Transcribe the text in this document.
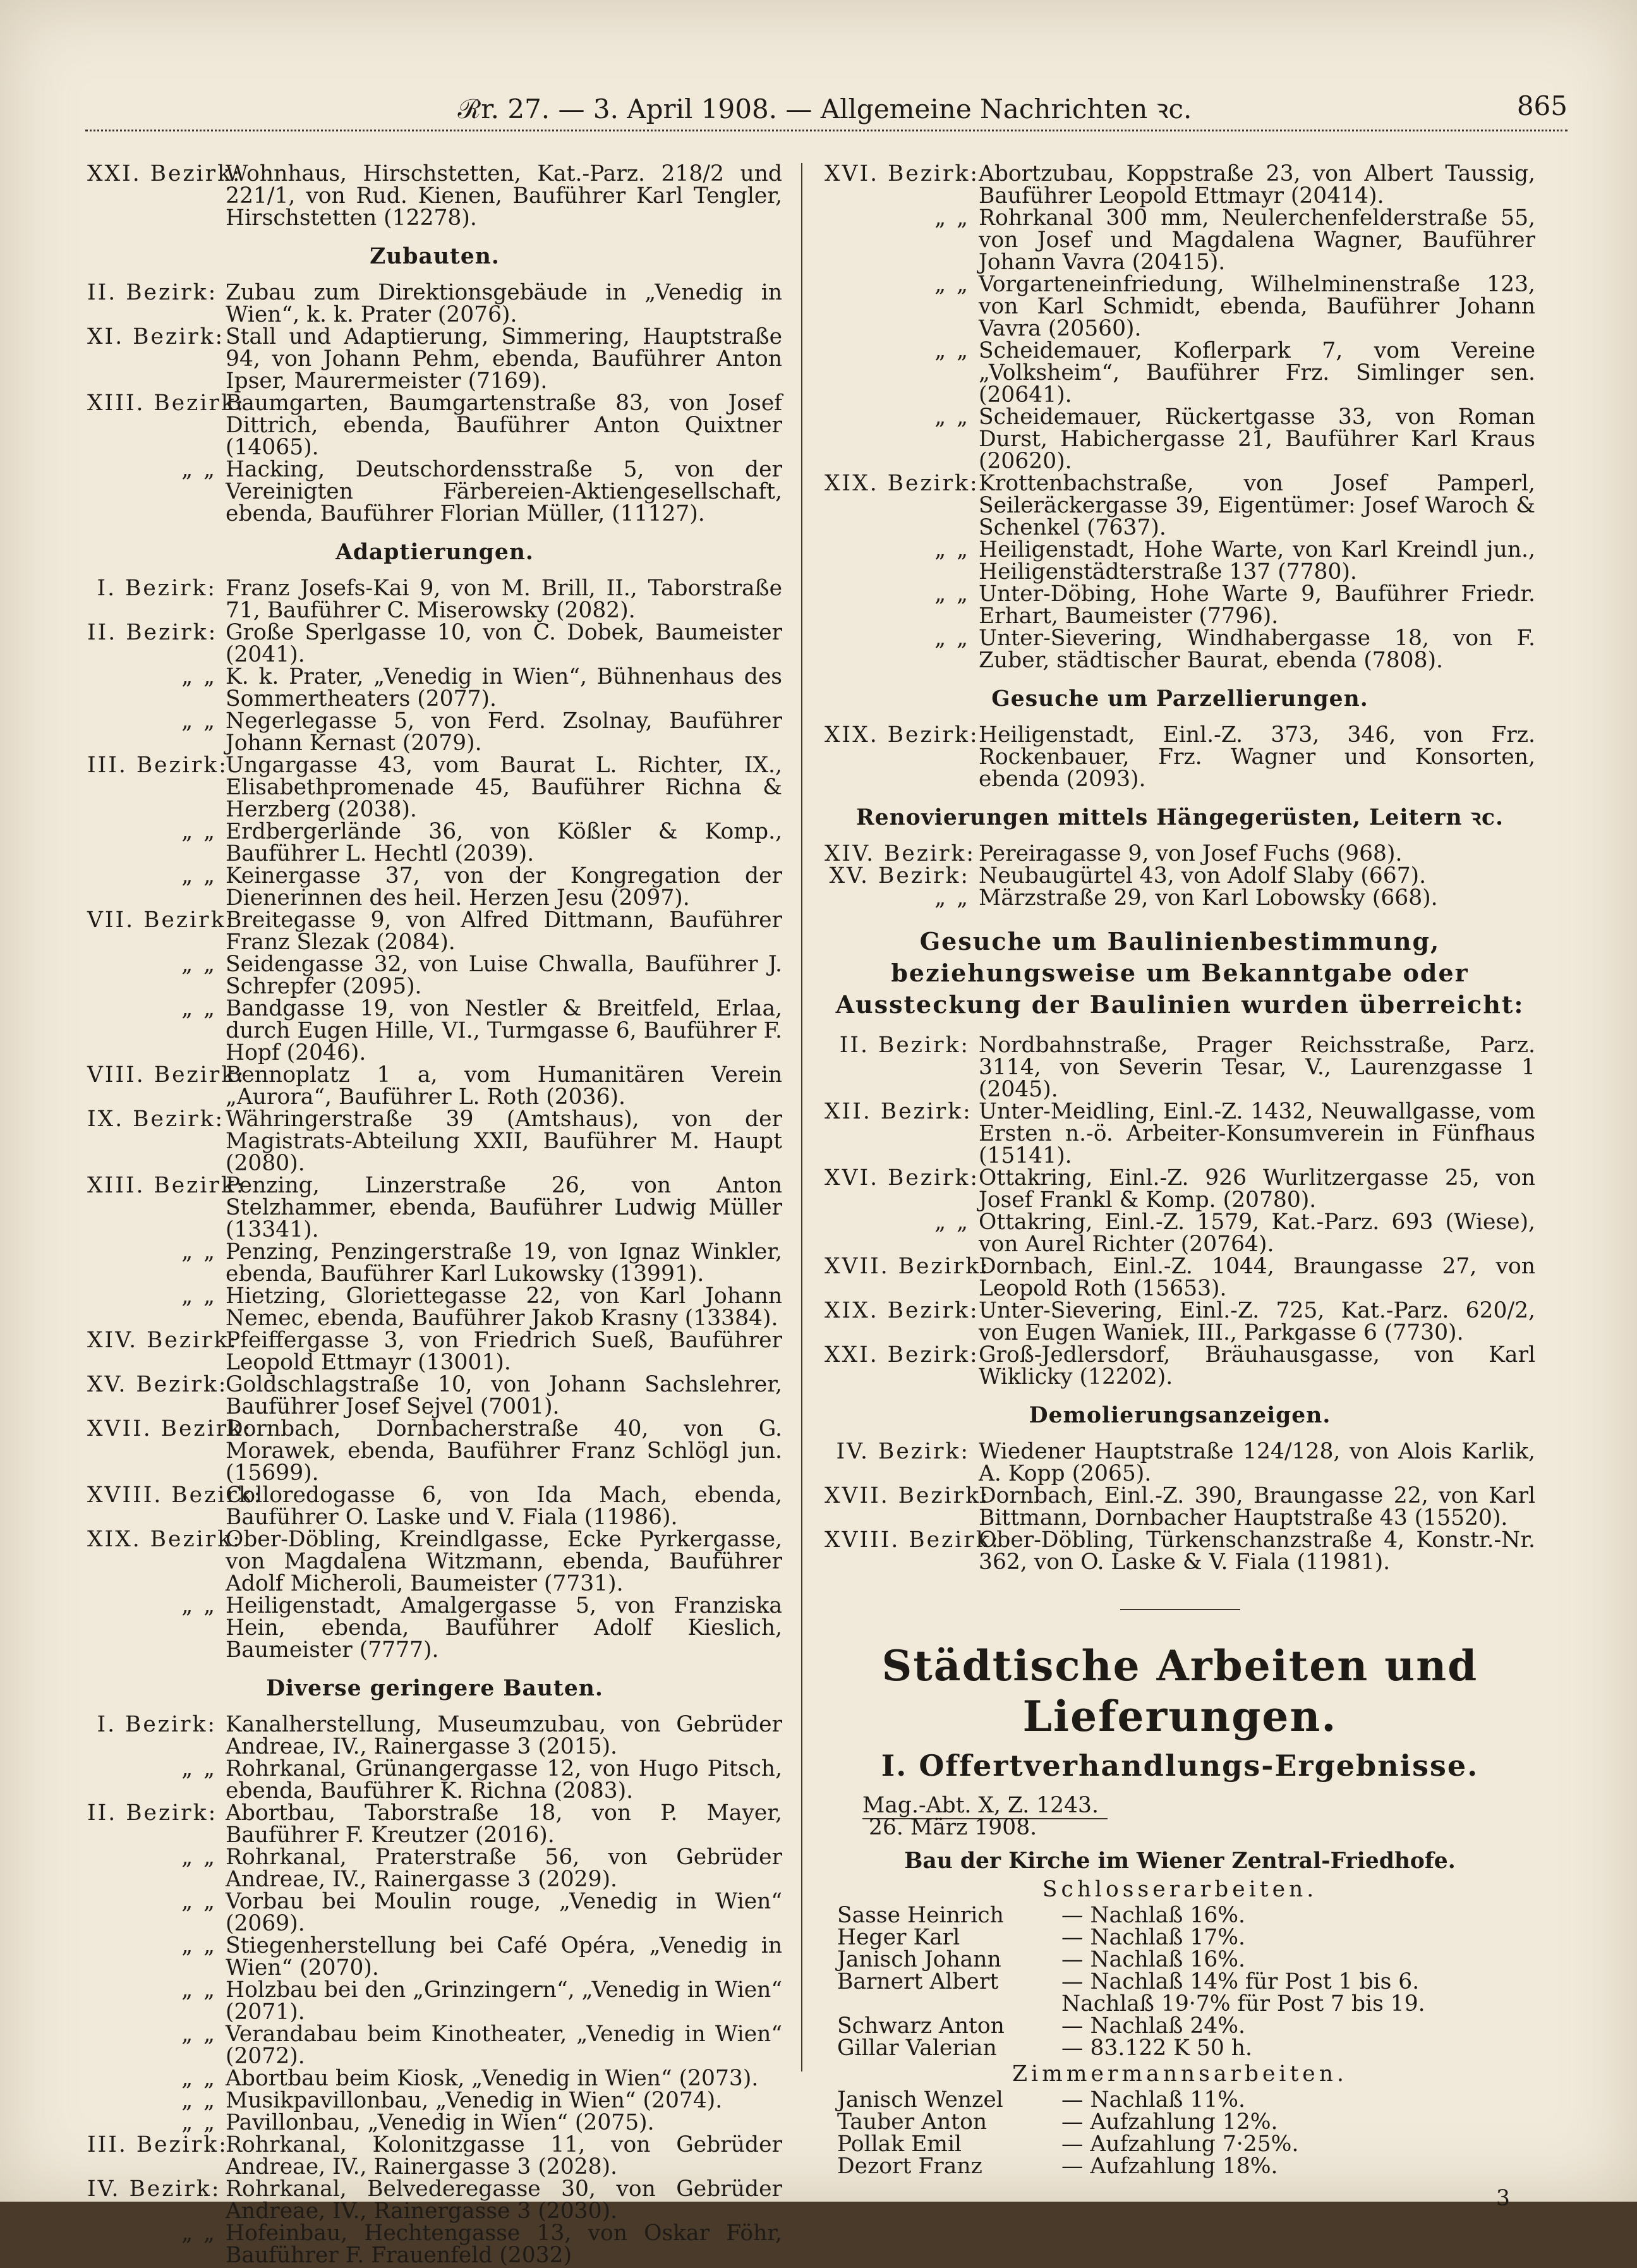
ℛr. 27. — 3. April 1908. — Allgemeine Nachrichten ꝛc.	865
XXI. Bezirk:
Wohnhaus, Hirschstetten, Kat.-Parz. 218/2 und 221/1, von Rud. Kienen, Bauführer Karl Tengler, Hirschstetten (12278).
Zubauten.
II. Bezirk: Zubau zum Direktionsgebäude in „Venedig in Wien“, k. k. Prater (2076).
XI. Bezirk: Stall und Adaptierung, Simmering, Hauptstraße 94, von Johann Pehm, ebenda, Bauführer Anton Ipser, Maurermeister (7169).
XIII. Bezirk:
Baumgarten, Baumgartenstraße 83, von Josef Dittrich, ebenda, Bauführer Anton Quixtner (14065).
„ „ Hacking, Deutschordensstraße 5, von der Vereinigten Färbereien-Aktiengesellschaft, ebenda, Bauführer Florian Müller, (11127).
Adaptierungen.
I. Bezirk: Franz Josefs-Kai 9, von M. Brill, II., Taborstraße 71, Bauführer C. Miserowsky (2082).
II. Bezirk: Große Sperlgasse 10, von C. Dobek, Baumeister (2041).
„ „ K. k. Prater, „Venedig in Wien“, Bühnenhaus des Sommertheaters (2077).
„ „ Negerlegasse 5, von Ferd. Zsolnay, Bauführer Johann Kernast (2079).
III. Bezirk:
Ungargasse 43, vom Baurat L. Richter, IX., Elisabethpromenade 45, Bauführer Richna & Herzberg (2038).
„ „ Erdbergerlände 36, von Kößler & Komp., Bauführer L. Hechtl (2039).
„ „ Keinergasse 37, von der Kongregation der Dienerinnen des heil. Herzen Jesu (2097).
VII. Bezirk:
Breitegasse 9, von Alfred Dittmann, Bauführer Franz Slezak (2084).
„ „ Seidengasse 32, von Luise Chwalla, Bauführer J. Schrepfer (2095).
„ „ Bandgasse 19, von Nestler & Breitfeld, Erlaa, durch Eugen Hille, VI., Turmgasse 6, Bauführer F. Hopf (2046).
VIII. Bezirk:
Bennoplatz 1 a, vom Humanitären Verein „Aurora“, Bauführer L. Roth (2036).
IX. Bezirk: Währingerstraße 39 (Amtshaus), von der Magistrats-Abteilung XXII, Bauführer M. Haupt (2080).
XIII. Bezirk:
Penzing, Linzerstraße 26, von Anton Stelzhammer, ebenda, Bauführer Ludwig Müller (13341).
„ „ Penzing, Penzingerstraße 19, von Ignaz Winkler, ebenda, Bauführer Karl Lukowsky (13991).
„ „ Hietzing, Gloriettegasse 22, von Karl Johann Nemec, ebenda, Bauführer Jakob Krasny (13384).
XIV. Bezirk:
Pfeiffergasse 3, von Friedrich Sueß, Bauführer Leopold Ettmayr (13001).
XV. Bezirk:
Goldschlagstraße 10, von Johann Sachslehrer, Bauführer Josef Sejvel (7001).
XVII. Bezirk:
Dornbach, Dornbacherstraße 40, von G. Morawek, ebenda, Bauführer Franz Schlögl jun. (15699).
XVIII. Bezirk:
Colloredogasse 6, von Ida Mach, ebenda, Bauführer O. Laske und V. Fiala (11986).
XIX. Bezirk:
Ober-Döbling, Kreindlgasse, Ecke Pyrkergasse, von Magdalena Witzmann, ebenda, Bauführer Adolf Micheroli, Baumeister (7731).
„ „ Heiligenstadt, Amalgergasse 5, von Franziska Hein, ebenda, Bauführer Adolf Kieslich, Baumeister (7777).
Diverse geringere Bauten.
I. Bezirk: Kanalherstellung, Museumzubau, von Gebrüder Andreae, IV., Rainergasse 3 (2015).
„ „ Rohrkanal, Grünangergasse 12, von Hugo Pitsch, ebenda, Bauführer K. Richna (2083).
II. Bezirk: Abortbau, Taborstraße 18, von P. Mayer, Bauführer F. Kreutzer (2016).
„ „ Rohrkanal, Praterstraße 56, von Gebrüder Andreae, IV., Rainergasse 3 (2029).
„ „ Vorbau bei Moulin rouge, „Venedig in Wien“ (2069).
„ „ Stiegenherstellung bei Café Opéra, „Venedig in Wien“ (2070).
„ „ Holzbau bei den „Grinzingern“, „Venedig in Wien“ (2071).
„ „ Verandabau beim Kinotheater, „Venedig in Wien“ (2072).
„ „ Abortbau beim Kiosk, „Venedig in Wien“ (2073).
„ „ Musikpavillonbau, „Venedig in Wien“ (2074).
„ „ Pavillonbau, „Venedig in Wien“ (2075).
III. Bezirk:
Rohrkanal, Kolonitzgasse 11, von Gebrüder Andreae, IV., Rainergasse 3 (2028).
IV. Bezirk: Rohrkanal, Belvederegasse 30, von Gebrüder Andreae, IV., Rainergasse 3 (2030).
„ „ Hofeinbau, Hechtengasse 13, von Oskar Föhr, Bauführer F. Frauenfeld (2032)
XVI. Bezirk:
Abortzubau, Koppstraße 23, von Albert Taussig, Bauführer Leopold Ettmayr (20414).
„ „ Rohrkanal 300 mm, Neulerchenfelderstraße 55, von Josef und Magdalena Wagner, Bauführer Johann Vavra (20415).
„ „ Vorgarteneinfriedung, Wilhelminenstraße 123, von Karl Schmidt, ebenda, Bauführer Johann Vavra (20560).
„ „ Scheidemauer, Koflerpark 7, vom Vereine „Volksheim“, Bauführer Frz. Simlinger sen. (20641).
„ „ Scheidemauer, Rückertgasse 33, von Roman Durst, Habichergasse 21, Bauführer Karl Kraus (20620).
XIX. Bezirk: Krottenbachstraße, von Josef Pamperl, Seileräckergasse 39, Eigentümer: Josef Waroch & Schenkel (7637).
„ „ Heiligenstadt, Hohe Warte, von Karl Kreindl jun., Heiligenstädterstraße 137 (7780).
„ „ Unter-Döbing, Hohe Warte 9, Bauführer Friedr. Erhart, Baumeister (7796).
„ „ Unter-Sievering, Windhabergasse 18, von F. Zuber, städtischer Baurat, ebenda (7808).
Gesuche um Parzellierungen.
XIX. Bezirk: Heiligenstadt, Einl.-Z. 373, 346, von Frz. Rockenbauer, Frz. Wagner und Konsorten, ebenda (2093).
Renovierungen mittels Hängegerüsten, Leitern ꝛc.
XIV. Bezirk: Pereiragasse 9, von Josef Fuchs (968).
XV. Bezirk: Neubaugürtel 43, von Adolf Slaby (667).
„ „ Märzstraße 29, von Karl Lobowsky (668).
Gesuche um Baulinienbestimmung, beziehungsweise um Bekanntgabe oder Aussteckung der Baulinien wurden überreicht:
II. Bezirk: Nordbahnstraße, Prager Reichsstraße, Parz. 3114, von Severin Tesar, V., Laurenzgasse 1 (2045).
XII. Bezirk: Unter-Meidling, Einl.-Z. 1432, Neuwallgasse, vom Ersten n.-ö. Arbeiter-Konsumverein in Fünfhaus (15141).
XVI. Bezirk:
Ottakring, Einl.-Z. 926 Wurlitzergasse 25, von Josef Frankl & Komp. (20780).
„ „ Ottakring, Einl.-Z. 1579, Kat.-Parz. 693 (Wiese), von Aurel Richter (20764).
XVII. Bezirk:
Dornbach, Einl.-Z. 1044, Braungasse 27, von Leopold Roth (15653).
XIX. Bezirk: Unter-Sievering, Einl.-Z. 725, Kat.-Parz. 620/2, von Eugen Waniek, III., Parkgasse 6 (7730).
XXI. Bezirk: Groß-Jedlersdorf, Bräuhausgasse, von Karl Wiklicky (12202).
Demolierungsanzeigen.
IV. Bezirk: Wiedener Hauptstraße 124/128, von Alois Karlik, A. Kopp (2065).
XVII. Bezirk:
Dornbach, Einl.-Z. 390, Braungasse 22, von Karl Bittmann, Dornbacher Hauptstraße 43 (15520).
XVIII. Bezirk:
Ober-Döbling, Türkenschanzstraße 4, Konstr.-Nr. 362, von O. Laske & V. Fiala (11981).
Städtische Arbeiten und Lieferungen.
I. Offertverhandlungs-Ergebnisse.
Mag.-Abt. X, Z. 1243.
26. März 1908.
Bau der Kirche im Wiener Zentral-Friedhofe.
Schlosserarbeiten.
Sasse Heinrich	— Nachlaß 16%.
Heger Karl	— Nachlaß 17%.
Janisch Johann	— Nachlaß 16%.
Barnert Albert	— Nachlaß 14% für Post 1 bis 6.
Nachlaß 19·7% für Post 7 bis 19.
Schwarz Anton	— Nachlaß 24%.
Gillar Valerian	— 83.122 K 50 h.
Zimmermannsarbeiten.
Janisch Wenzel	— Nachlaß 11%.
Tauber Anton	— Aufzahlung 12%.
Pollak Emil	— Aufzahlung 7·25%.
Dezort Franz	— Aufzahlung 18%.
3
